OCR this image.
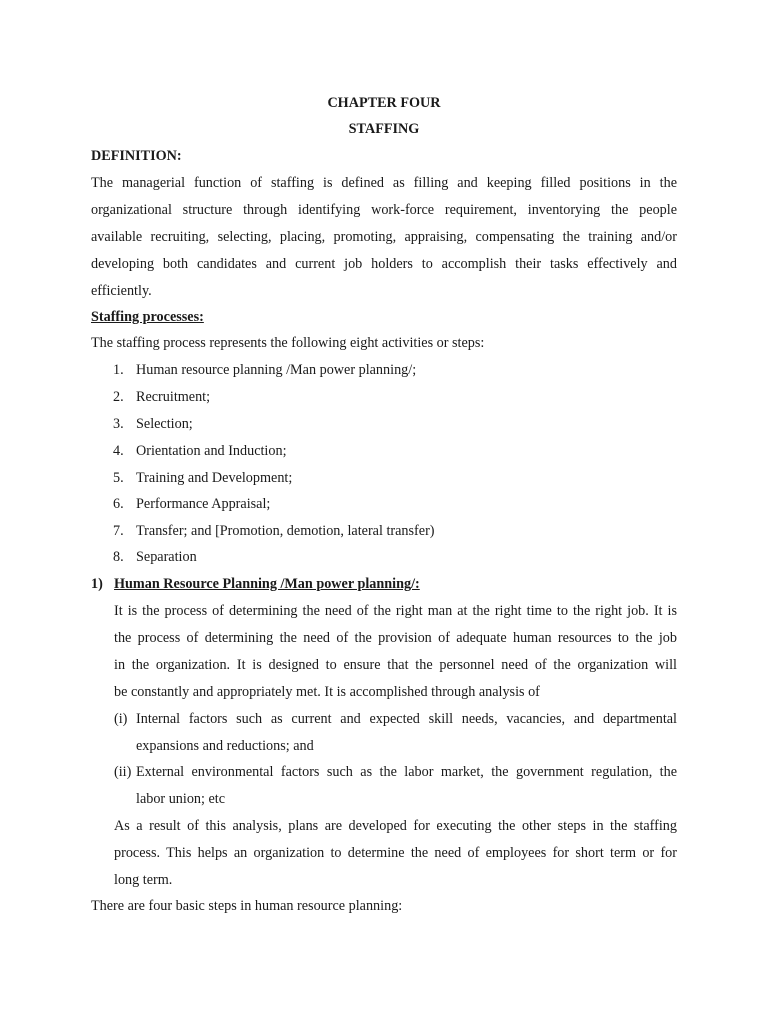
CHAPTER FOUR
STAFFING
DEFINITION:
The managerial function of staffing is defined as filling and keeping filled positions in the
organizational structure through identifying work-force requirement, inventorying the people
available recruiting, selecting, placing, promoting, appraising, compensating the training and/or
developing both candidates and current job holders to accomplish their tasks effectively and
efficiently.
Staffing processes:
The staffing process represents the following eight activities or steps:
1. Human resource planning /Man power planning/;
2. Recruitment;
3. Selection;
4. Orientation and Induction;
5. Training and Development;
6. Performance Appraisal;
7. Transfer; and [Promotion, demotion, lateral transfer)
8. Separation
1) Human Resource Planning /Man power planning/:
It is the process of determining the need of the right man at the right time to the right job. It is
the process of determining the need of the provision of adequate human resources to the job
in the organization. It is designed to ensure that the personnel need of the organization will
be constantly and appropriately met. It is accomplished through analysis of
(i) Internal factors such as current and expected skill needs, vacancies, and departmental
expansions and reductions; and
(ii) External environmental factors such as the labor market, the government regulation, the
labor union; etc
As a result of this analysis, plans are developed for executing the other steps in the staffing
process. This helps an organization to determine the need of employees for short term or for
long term.
There are four basic steps in human resource planning:
